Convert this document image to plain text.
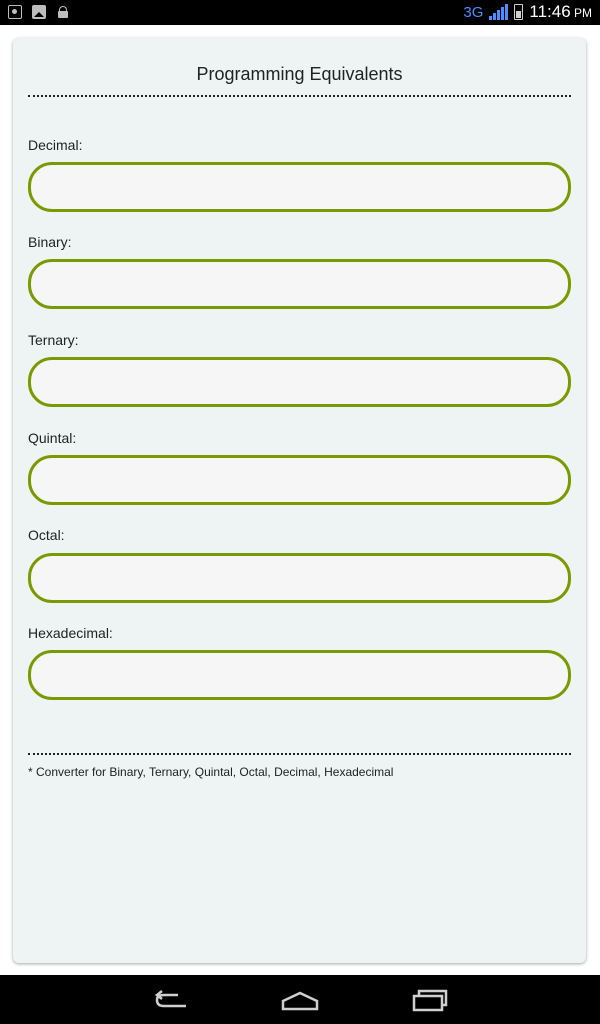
3G	11:46 PM
Programming Equivalents
Decimal:
Binary:
Ternary:
Quintal:
Octal:
Hexadecimal:
* Converter for Binary, Ternary, Quintal, Octal, Decimal, Hexadecimal
